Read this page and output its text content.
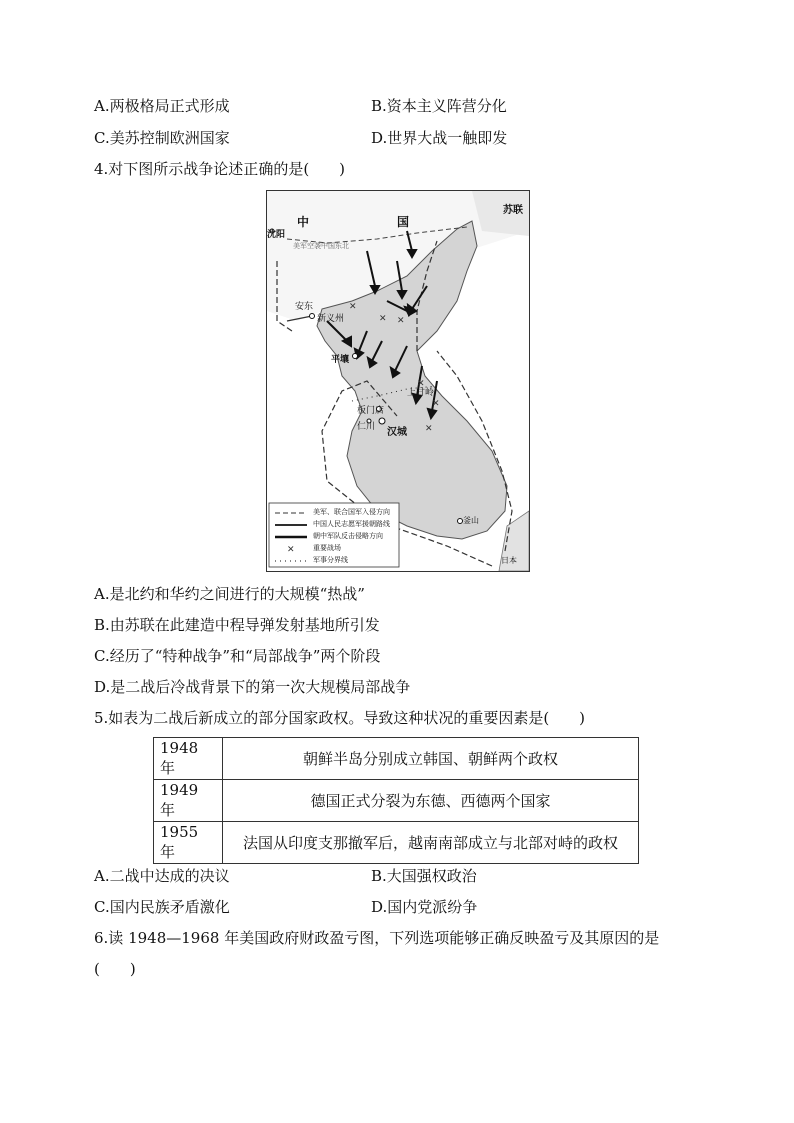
A.两极格局正式形成	B.资本主义阵营分化
C.美苏控制欧洲国家	D.世界大战一触即发
4.对下图所示战争论述正确的是(　　)
✕
✕ ✕
✕
✕
✕
✕
中	国
苏联
沈阳
美军空袭中国东北
安东
新义州
平壤
上甘岭
板门店
仁川 汉城
釜山
日本
美军、联合国军入侵方向
中国人民志愿军援朝路线
朝中军队反击侵略方向
重要战场
军事分界线
A.是北约和华约之间进行的大规模“热战”
B.由苏联在此建造中程导弹发射基地所引发
C.经历了“特种战争”和“局部战争”两个阶段
D.是二战后冷战背景下的第一次大规模局部战争
5.如表为二战后新成立的部分国家政权。导致这种状况的重要因素是(　　)
1948 年	朝鲜半岛分别成立韩国、朝鲜两个政权
1949 年	德国正式分裂为东德、西德两个国家
1955 年	法国从印度支那撤军后，越南南部成立与北部对峙的政权
A.二战中达成的决议	B.大国强权政治
C.国内民族矛盾激化	D.国内党派纷争
6.读 1948—1968 年美国政府财政盈亏图，下列选项能够正确反映盈亏及其原因的是
(　　)
